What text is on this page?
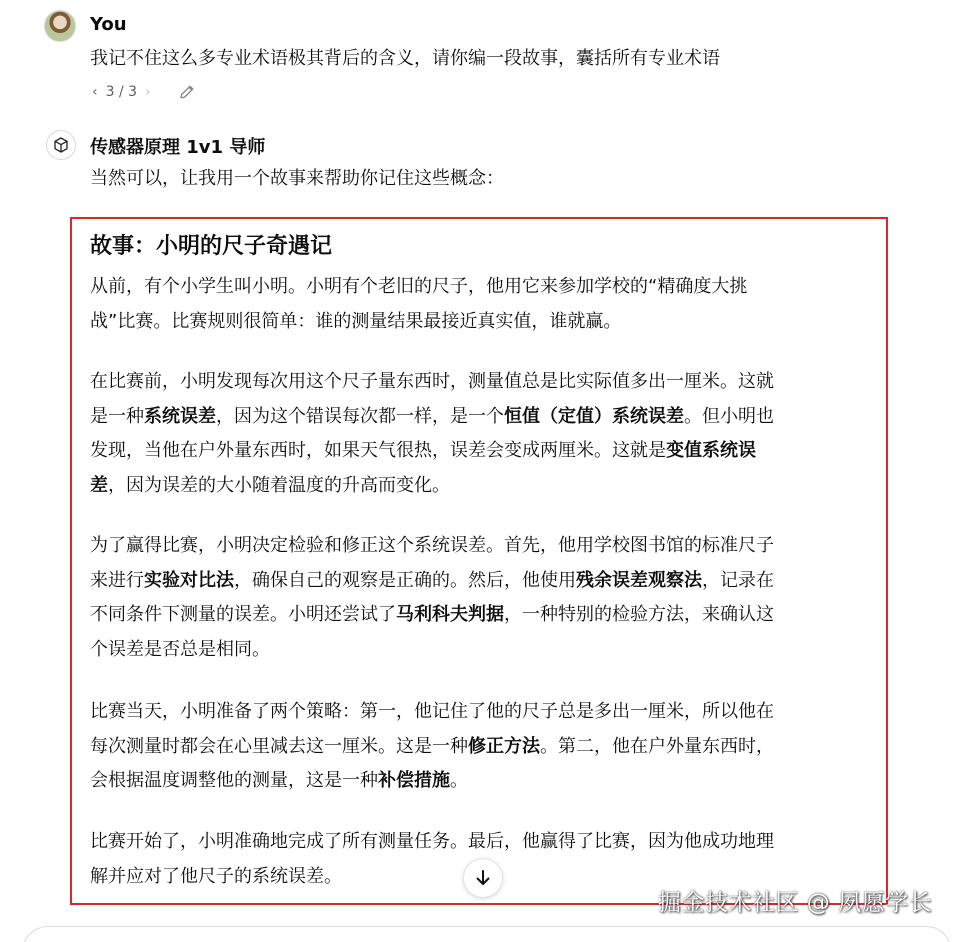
You
我记不住这么多专业术语极其背后的含义，请你编一段故事，囊括所有专业术语
‹ 3 / 3 ›
传感器原理 1v1 导师
当然可以，让我用一个故事来帮助你记住这些概念：
故事：小明的尺子奇遇记
从前，有个小学生叫小明。小明有个老旧的尺子，他用它来参加学校的“精确度大挑
战”比赛。比赛规则很简单：谁的测量结果最接近真实值，谁就赢。
在比赛前，小明发现每次用这个尺子量东西时，测量值总是比实际值多出一厘米。这就
是一种系统误差，因为这个错误每次都一样，是一个恒值（定值）系统误差。但小明也
发现，当他在户外量东西时，如果天气很热，误差会变成两厘米。这就是变值系统误
差，因为误差的大小随着温度的升高而变化。
为了赢得比赛，小明决定检验和修正这个系统误差。首先，他用学校图书馆的标准尺子
来进行实验对比法，确保自己的观察是正确的。然后，他使用残余误差观察法，记录在
不同条件下测量的误差。小明还尝试了马利科夫判据，一种特别的检验方法，来确认这
个误差是否总是相同。
比赛当天，小明准备了两个策略：第一，他记住了他的尺子总是多出一厘米，所以他在
每次测量时都会在心里减去这一厘米。这是一种修正方法。第二，他在户外量东西时，
会根据温度调整他的测量，这是一种补偿措施。
比赛开始了，小明准确地完成了所有测量任务。最后，他赢得了比赛，因为他成功地理
解并应对了他尺子的系统误差。
掘金技术社区 @ 夙愿学长
